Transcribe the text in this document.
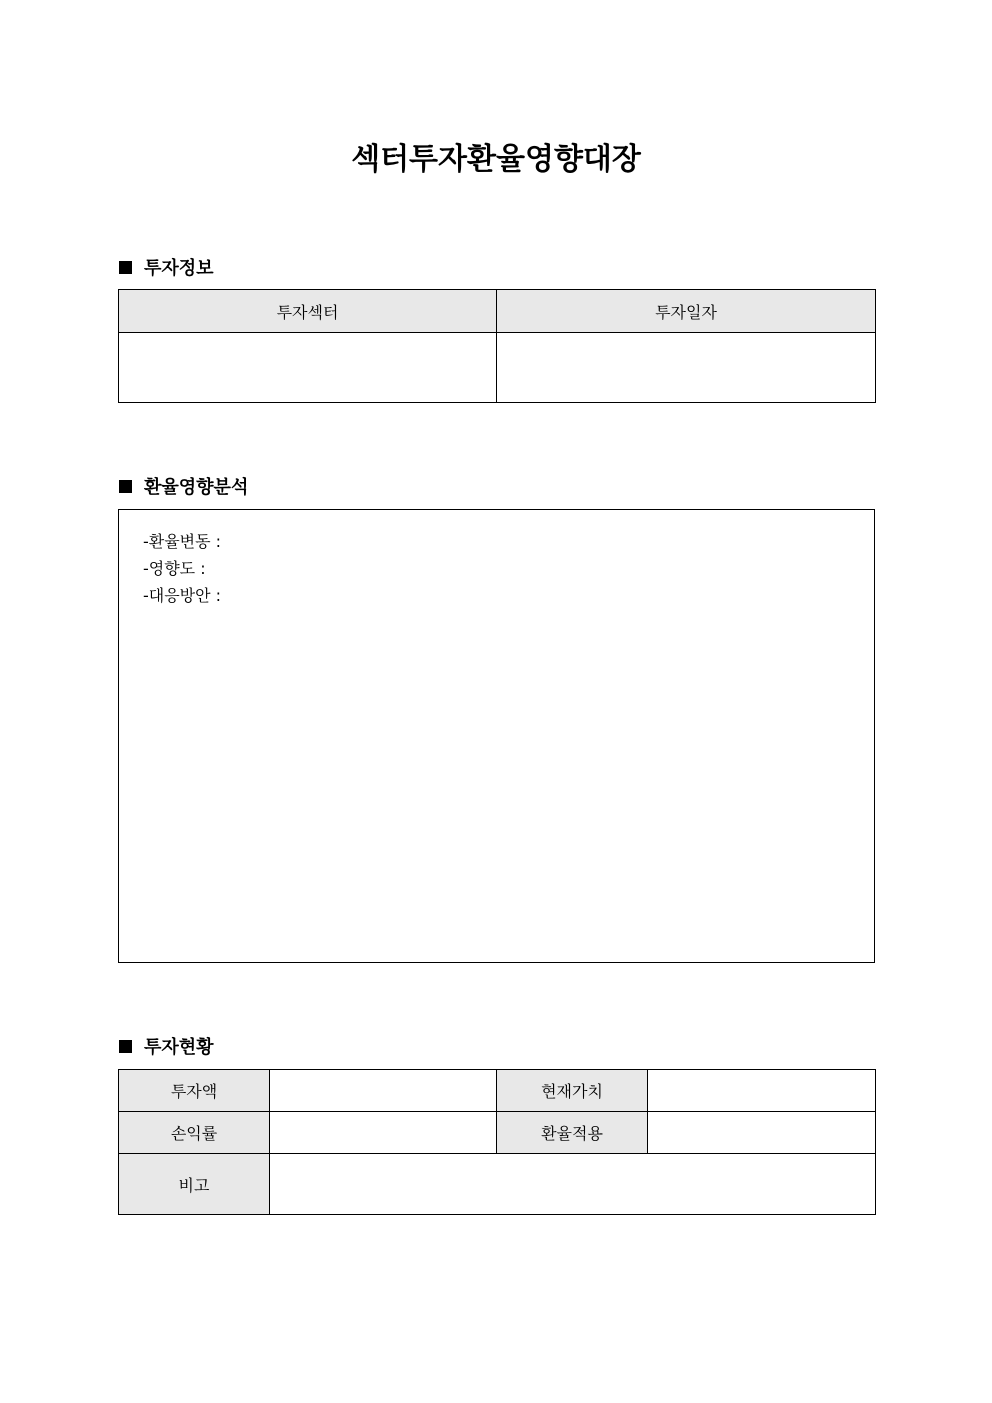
섹터투자환율영향대장
투자정보
투자섹터	투자일자

환율영향분석
-환율변동 :
-영향도 :
-대응방안 :
투자현황
투자액		현재가치	
손익률		환율적용	
비고			
